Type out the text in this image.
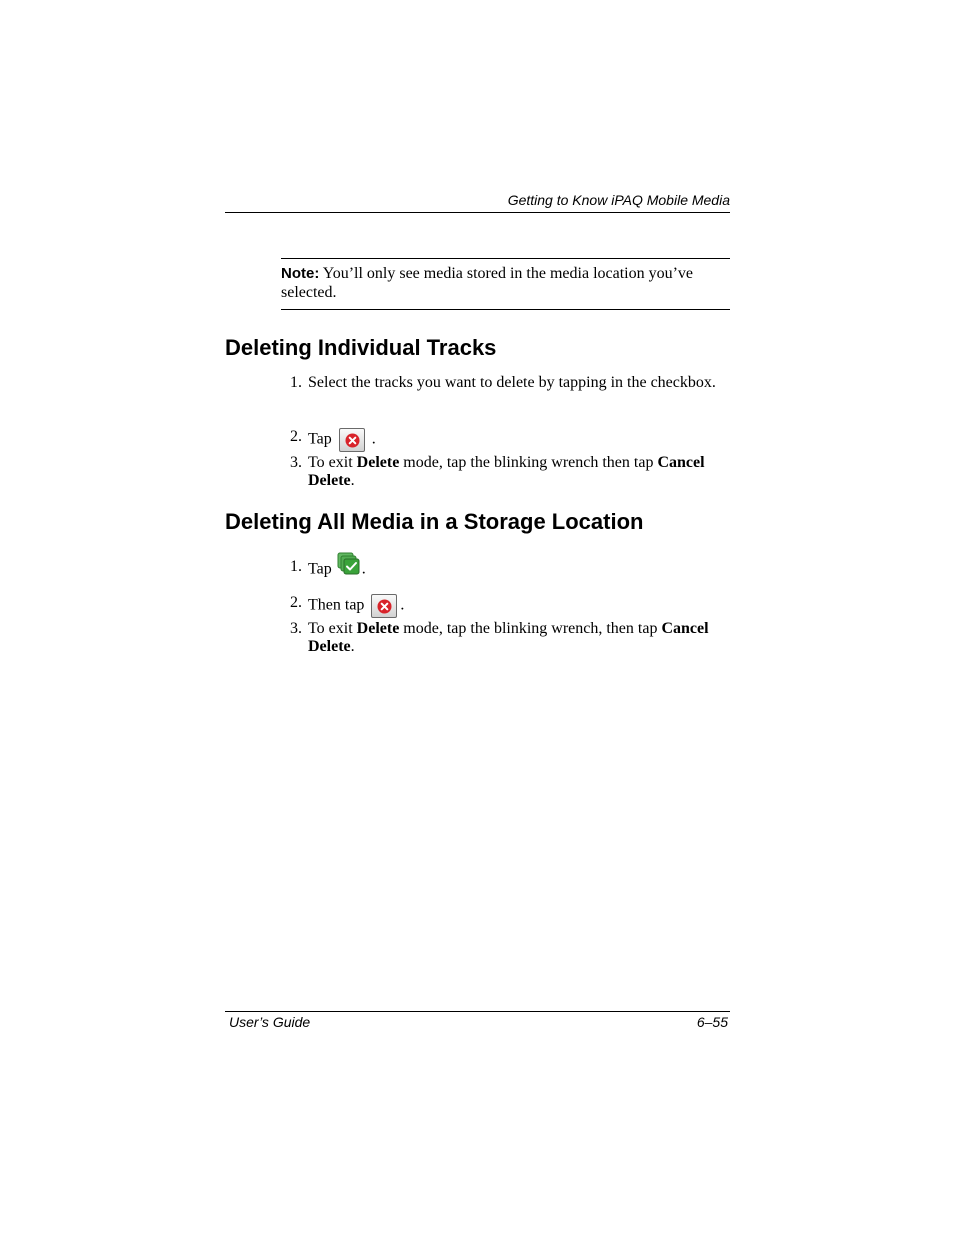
Getting to Know iPAQ Mobile Media
Note: You’ll only see media stored in the media location you’ve selected.
Deleting Individual Tracks
1. Select the tracks you want to delete by tapping in the checkbox.
2. Tap	.
3. To exit Delete mode, tap the blinking wrench then tap Cancel Delete.
Deleting All Media in a Storage Location
1. Tap .
2. Then tap .
3. To exit Delete mode, tap the blinking wrench, then tap Cancel Delete.
User’s Guide	6–55
